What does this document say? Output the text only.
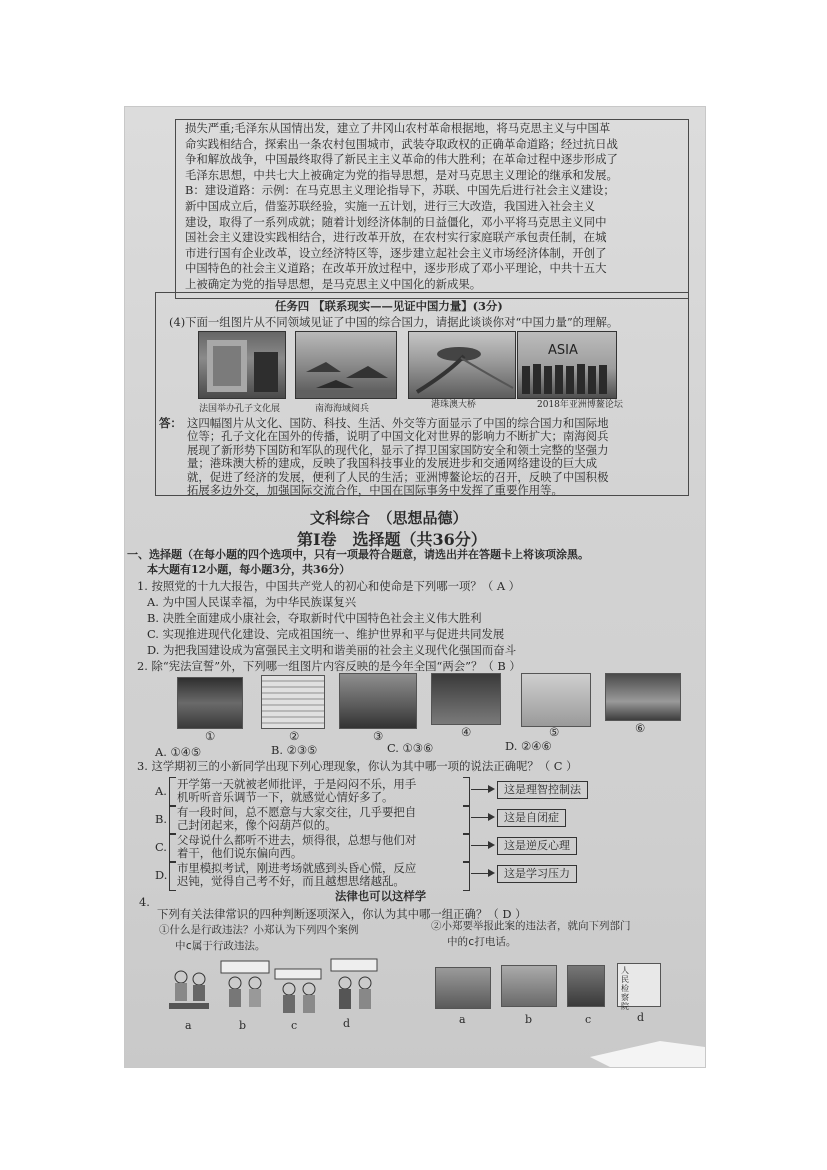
损失严重;毛泽东从国情出发，建立了井冈山农村革命根据地，将马克思主义与中国革
命实践相结合，探索出一条农村包围城市，武装夺取政权的正确革命道路；经过抗日战
争和解放战争，中国最终取得了新民主主义革命的伟大胜利；在革命过程中逐步形成了
毛泽东思想，中共七大上被确定为党的指导思想，是对马克思主义理论的继承和发展。
B：建设道路：示例：在马克思主义理论指导下，苏联、中国先后进行社会主义建设；
新中国成立后，借鉴苏联经验，实施一五计划，进行三大改造，我国进入社会主义
建设，取得了一系列成就；随着计划经济体制的日益僵化，邓小平将马克思主义同中
国社会主义建设实践相结合，进行改革开放，在农村实行家庭联产承包责任制，在城
市进行国有企业改革，设立经济特区等，逐步建立起社会主义市场经济体制，开创了
中国特色的社会主义道路；在改革开放过程中，逐步形成了邓小平理论，中共十五大
上被确定为党的指导思想，是马克思主义中国化的新成果。
任务四 【联系现实——见证中国力量】(3分)
(4)下面一组图片从不同领域见证了中国的综合国力，请据此谈谈你对“中国力量”的理解。
ASIA
法国举办孔子文化展	南海海域阅兵	港珠澳大桥	2018年亚洲博鳌论坛
答： 这四幅图片从文化、国防、科技、生活、外交等方面显示了中国的综合国力和国际地
位等；孔子文化在国外的传播，说明了中国文化对世界的影响力不断扩大；南海阅兵
展现了新形势下国防和军队的现代化，显示了捍卫国家国防安全和领土完整的坚强力
量；港珠澳大桥的建成，反映了我国科技事业的发展进步和交通网络建设的巨大成
就，促进了经济的发展，便利了人民的生活；亚洲博鳌论坛的召开，反映了中国积极
拓展多边外交，加强国际交流合作，中国在国际事务中发挥了重要作用等。
文科综合　（思想品德）
第Ⅰ卷　选择题（共36分）
一、选择题（在每小题的四个选项中，只有一项最符合题意，请选出并在答题卡上将该项涂黑。
本大题有12小题，每小题3分，共36分）
1. 按照党的十九大报告，中国共产党人的初心和使命是下列哪一项？（ A ）
A. 为中国人民谋幸福，为中华民族谋复兴
B. 决胜全面建成小康社会，夺取新时代中国特色社会主义伟大胜利
C. 实现推进现代化建设、完成祖国统一、维护世界和平与促进共同发展
D. 为把我国建设成为富强民主文明和谐美丽的社会主义现代化强国而奋斗
2. 除“宪法宣誓”外，下列哪一组图片内容反映的是今年全国“两会”？（ B ）
①	②	③	④	⑤	⑥
A. ①④⑤	B. ②③⑤	C. ①③⑥	D. ②④⑥
3. 这学期初三的小新同学出现下列心理现象，你认为其中哪一项的说法正确呢？（ C ）
A. 开学第一天就被老师批评，于是闷闷不乐，用手
机听听音乐调节一下，就感觉心情好多了。
这是理智控制法
B. 有一段时间，总不愿意与大家交往，几乎要把自
己封闭起来，像个闷葫芦似的。
这是自闭症
C. 父母说什么都听不进去，烦得很，总想与他们对
着干，他们说东偏向西。
这是逆反心理
D. 市里模拟考试，刚进考场就感到头昏心慌，反应
迟钝，觉得自己考不好，而且越想思绪越乱。
这是学习压力
4.	法律也可以这样学
下列有关法律常识的四种判断逐项深入，你认为其中哪一组正确？（ D ）
①什么是行政违法？小郑认为下列四个案例
中c属于行政违法。
②小郑要举报此案的违法者，就向下列部门
中的c打电话。
a	b	c	d
人民检察院
a	b	c	d
